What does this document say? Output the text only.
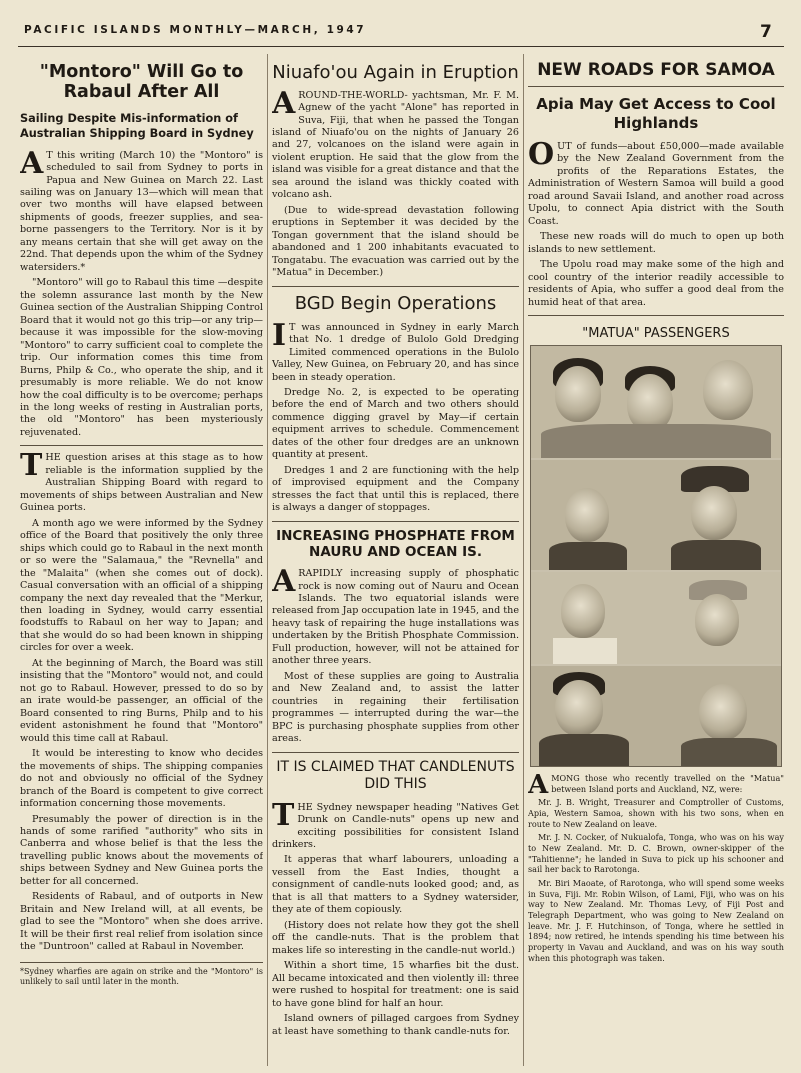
PACIFIC ISLANDS MONTHLY—MARCH, 1947	7
"Montoro" Will Go to Rabaul After All
Sailing Despite Mis-information of Australian Shipping Board in Sydney

AT this writing (March 10) the "Montoro" is scheduled to sail from Sydney to ports in Papua and New Guinea on March 22. Last sailing was on January 13—which will mean that over two months will have elapsed between shipments of goods, freezer supplies, and sea-borne passengers to the Territory. Nor is it by any means certain that she will get away on the 22nd. That depends upon the whim of the Sydney watersiders.*

"Montoro" will go to Rabaul this time —despite the solemn assurance last month by the New Guinea section of the Australian Shipping Control Board that it would not go this trip—or any trip—because it was impossible for the slow-moving "Montoro" to carry sufficient coal to complete the trip. Our information comes this time from Burns, Philp & Co., who operate the ship, and it presumably is more reliable. We do not know how the coal difficulty is to be overcome; perhaps in the long weeks of resting in Australian ports, the old "Montoro" has been mysteriously rejuvenated.

THE question arises at this stage as to how reliable is the information supplied by the Australian Shipping Board with regard to movements of ships between Australian and New Guinea ports.

A month ago we were informed by the Sydney office of the Board that positively the only three ships which could go to Rabaul in the next month or so were the "Salamaua," the "Revnella" and the "Malaita" (when she comes out of dock). Casual conversation with an official of a shipping company the next day revealed that the "Merkur, then loading in Sydney, would carry essential foodstuffs to Rabaul on her way to Japan; and that she would do so had been known in shipping circles for over a week.

At the beginning of March, the Board was still insisting that the "Montoro" would not, and could not go to Rabaul. However, pressed to do so by an irate would-be passenger, an official of the Board consented to ring Burns, Philp and to his evident astonishment he found that "Montoro" would this time call at Rabaul.

It would be interesting to know who decides the movements of ships. The shipping companies do not and obviously no official of the Sydney branch of the Board is competent to give correct information concerning those movements.

Presumably the power of direction is in the hands of some rarified "authority" who sits in Canberra and whose belief is that the less the travelling public knows about the movements of ships between Sydney and New Guinea ports the better for all concerned.

Residents of Rabaul, and of outports in New Britain and New Ireland will, at all events, be glad to see the "Montoro" when she does arrive. It will be their first real relief from isolation since the "Duntroon" called at Rabaul in November.

*Sydney wharfies are again on strike and the "Montoro" is unlikely to sail until later in the month.
Niuafo'ou Again in Eruption

AROUND-THE-WORLD- yachtsman, Mr. F. M. Agnew of the yacht "Alone" has reported in Suva, Fiji, that when he passed the Tongan island of Niuafo'ou on the nights of January 26 and 27, volcanoes on the island were again in violent eruption. He said that the glow from the island was visible for a great distance and that the sea around the island was thickly coated with volcano ash.

(Due to wide-spread devastation following eruptions in September it was decided by the Tongan government that the island should be abandoned and 1 200 inhabitants evacuated to Tongatabu. The evacuation was carried out by the "Matua" in December.)

BGD Begin Operations

IT was announced in Sydney in early March that No. 1 dredge of Bulolo Gold Dredging Limited commenced operations in the Bulolo Valley, New Guinea, on February 20, and has since been in steady operation.

Dredge No. 2, is expected to be operating before the end of March and two others should commence digging gravel by May—if certain equipment arrives to schedule. Commencement dates of the other four dredges are an unknown quantity at present.

Dredges 1 and 2 are functioning with the help of improvised equipment and the Company stresses the fact that until this is replaced, there is always a danger of stoppages.

INCREASING PHOSPHATE FROM NAURU AND OCEAN IS.

ARAPIDLY increasing supply of phosphatic rock is now coming out of Nauru and Ocean Islands. The two equatorial islands were released from Jap occupation late in 1945, and the heavy task of repairing the huge installations was undertaken by the British Phosphate Commission. Full production, however, will not be attained for another three years.

Most of these supplies are going to Australia and New Zealand and, to assist the latter countries in regaining their fertilisation programmes — interrupted during the war—the BPC is purchasing phosphate supplies from other areas.

IT IS CLAIMED THAT CANDLENUTS DID THIS

THE Sydney newspaper heading "Natives Get Drunk on Candle-nuts" opens up new and exciting possibilities for consistent Island drinkers.

It apperas that wharf labourers, unloading a vessell from the East Indies, thought a consignment of candle-nuts looked good; and, as that is all that matters to a Sydney watersider, they ate of them copiously.

(History does not relate how they got the shell off the candle-nuts. That is the problem that makes life so interesting in the candle-nut world.)

Within a short time, 15 wharfies bit the dust. All became intoxicated and then violently ill: three were rushed to hospital for treatment: one is said to have gone blind for half an hour.

Island owners of pillaged cargoes from Sydney at least have something to thank candle-nuts for.

NEW ROADS FOR SAMOA
Apia May Get Access to Cool Highlands

OUT of funds—about £50,000—made available by the New Zealand Government from the profits of the Reparations Estates, the Administration of Western Samoa will build a good road around Savaii Island, and another road across Upolu, to connect Apia district with the South Coast.

These new roads will do much to open up both islands to new settlement.

The Upolu road may make some of the high and cool country of the interior readily accessible to residents of Apia, who suffer a good deal from the humid heat of that area.

"MATUA" PASSENGERS

AMONG those who recently travelled on the "Matua" between Island ports and Auckland, NZ, were:

Mr. J. B. Wright, Treasurer and Comptroller of Customs, Apia, Western Samoa, shown with his two sons, when en route to New Zealand on leave.

Mr. J. N. Cocker, of Nukualofa, Tonga, who was on his way to New Zealand. Mr. D. C. Brown, owner-skipper of the "Tahitienne"; he landed in Suva to pick up his schooner and sail her back to Rarotonga.

Mr. Biri Maoate, of Rarotonga, who will spend some weeks in Suva, Fiji. Mr. Robin Wilson, of Lami, Fiji, who was on his way to New Zealand. Mr. Thomas Levy, of Fiji Post and Telegraph Department, who was going to New Zealand on leave. Mr. J. F. Hutchinson, of Tonga, where he settled in 1894; now retired, he intends spending his time between his property in Vavau and Auckland, and was on his way south when this photograph was taken.
